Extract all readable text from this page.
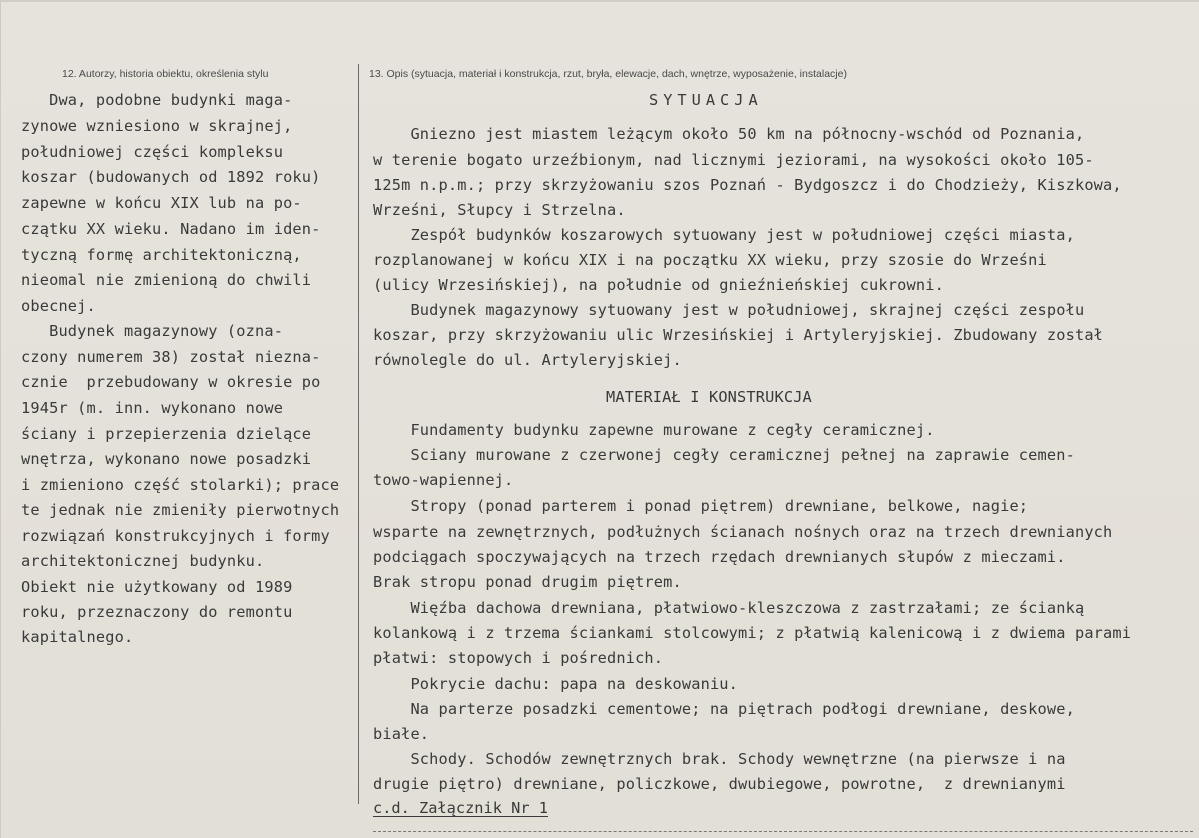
12. Autorzy, historia obiektu, określenia stylu	13. Opis (sytuacja, materiał i konstrukcja, rzut, bryła, elewacje, dach, wnętrze, wyposażenie, instalacje)
Dwa, podobne budynki maga-
zynowe wzniesiono w skrajnej,
południowej części kompleksu
koszar (budowanych od 1892 roku)
zapewne w końcu XIX lub na po-
czątku XX wieku. Nadano im iden-
tyczną formę architektoniczną,
nieomal nie zmienioną do chwili
obecnej.
Budynek magazynowy (ozna-
czony numerem 38) został niezna-
cznie  przebudowany w okresie po
1945r (m. inn. wykonano nowe
ściany i przepierzenia dzielące
wnętrza, wykonano nowe posadzki
i zmieniono część stolarki); prace
te jednak nie zmieniły pierwotnych
rozwiązań konstrukcyjnych i formy
architektonicznej budynku.
Obiekt nie użytkowany od 1989
roku, przeznaczony do remontu
kapitalnego.
SYTUACJA
Gniezno jest miastem leżącym około 50 km na północny-wschód od Poznania,
w terenie bogato urzeźbionym, nad licznymi jeziorami, na wysokości około 105-
125m n.p.m.; przy skrzyżowaniu szos Poznań - Bydgoszcz i do Chodzieży, Kiszkowa,
Wrześni, Słupcy i Strzelna.
Zespół budynków koszarowych sytuowany jest w południowej części miasta,
rozplanowanej w końcu XIX i na początku XX wieku, przy szosie do Wrześni
(ulicy Wrzesińskiej), na południe od gnieźnieńskiej cukrowni.
Budynek magazynowy sytuowany jest w południowej, skrajnej części zespołu
koszar, przy skrzyżowaniu ulic Wrzesińskiej i Artyleryjskiej. Zbudowany został
równolegle do ul. Artyleryjskiej.
MATERIAŁ I KONSTRUKCJA
Fundamenty budynku zapewne murowane z cegły ceramicznej.
Sciany murowane z czerwonej cegły ceramicznej pełnej na zaprawie cemen-
towo-wapiennej.
Stropy (ponad parterem i ponad piętrem) drewniane, belkowe, nagie;
wsparte na zewnętrznych, podłużnych ścianach nośnych oraz na trzech drewnianych
podciągach spoczywających na trzech rzędach drewnianych słupów z mieczami.
Brak stropu ponad drugim piętrem.
Więźba dachowa drewniana, płatwiowo-kleszczowa z zastrzałami; ze ścianką
kolankową i z trzema ściankami stolcowymi; z płatwią kalenicową i z dwiema parami
płatwi: stopowych i pośrednich.
Pokrycie dachu: papa na deskowaniu.
Na parterze posadzki cementowe; na piętrach podłogi drewniane, deskowe,
białe.
Schody. Schodów zewnętrznych brak. Schody wewnętrzne (na pierwsze i na
drugie piętro) drewniane, policzkowe, dwubiegowe, powrotne,  z drewnianymi
c.d. Załącznik Nr 1
